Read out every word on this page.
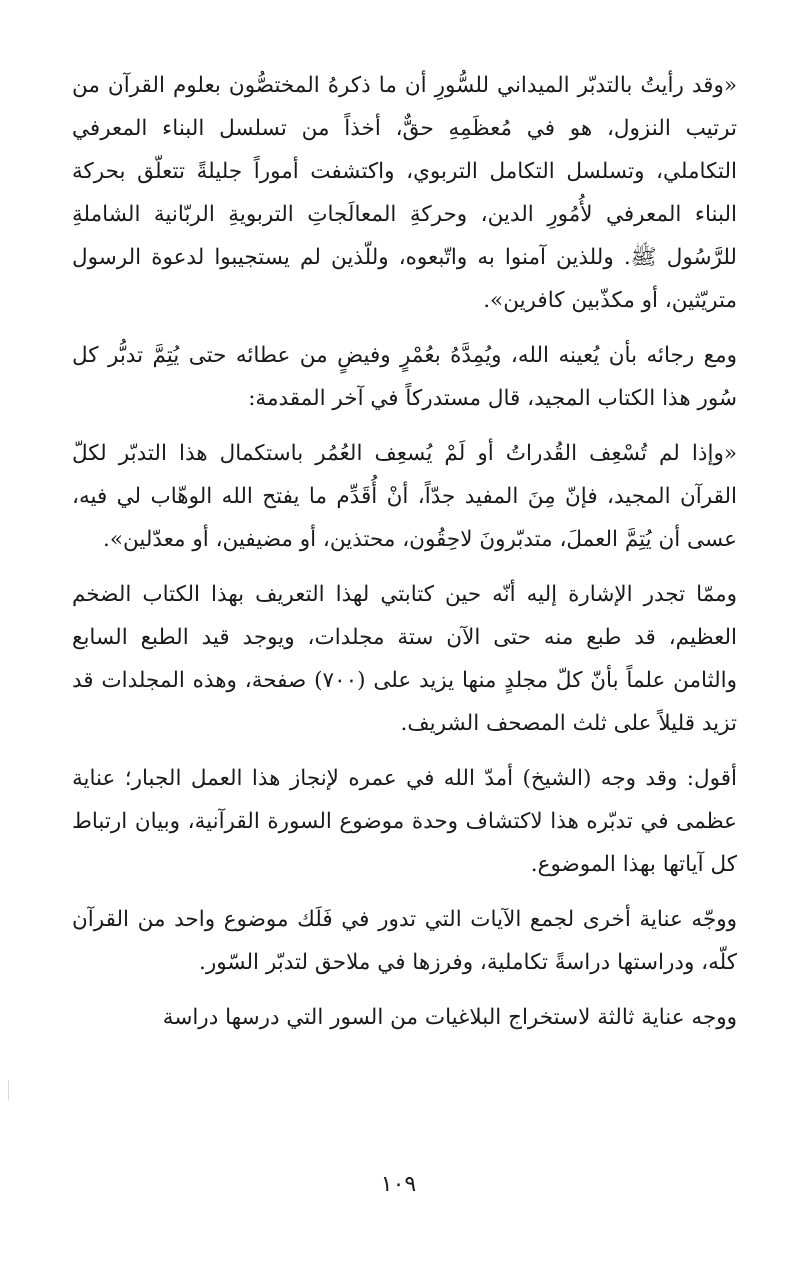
«وقد رأيتُ بالتدبّر الميداني للسُّورِ أن ما ذكرهُ المختصُّون بعلوم القرآن من ترتيب النزول، هو في مُعظَمِهِ حقٌّ، أخذاً من تسلسل البناء المعرفي التكاملي، وتسلسل التكامل التربوي، واكتشفت أموراً جليلةً تتعلّق بحركة البناء المعرفي لأُمُورِ الدين، وحركةِ المعالَجاتِ التربويةِ الربّانية الشاملةِ للرَّسُول ﷺ. وللذين آمنوا به واتّبعوه، وللّذين لم يستجيبوا لدعوة الرسول متريّثين، أو مكذّبين كافرين».

ومع رجائه بأن يُعينه الله، ويُمِدَّهُ بعُمْرٍ وفيضٍ من عطائه حتى يُتِمَّ تدبُّر كل سُور هذا الكتاب المجيد، قال مستدركاً في آخر المقدمة:

«وإذا لم تُسْعِف القُدراتُ أو لَمْ يُسعِف العُمُر باستكمال هذا التدبّر لكلّ القرآن المجيد، فإنّ مِنَ المفيد جدّاً، أنْ أُقَدِّم ما يفتح الله الوهّاب لي فيه، عسى أن يُتِمَّ العملَ، متدبّرونَ لاحِقُون، محتذين، أو مضيفين، أو معدّلين».

وممّا تجدر الإشارة إليه أنّه حين كتابتي لهذا التعريف بهذا الكتاب الضخم العظيم، قد طبع منه حتى الآن ستة مجلدات، ويوجد قيد الطبع السابع والثامن علماً بأنّ كلّ مجلدٍ منها يزيد على (٧٠٠) صفحة، وهذه المجلدات قد تزيد قليلاً على ثلث المصحف الشريف.

أقول: وقد وجه (الشيخ) أمدّ الله في عمره لإنجاز هذا العمل الجبار؛ عناية عظمى في تدبّره هذا لاكتشاف وحدة موضوع السورة القرآنية، وبيان ارتباط كل آياتها بهذا الموضوع.

ووجّه عناية أخرى لجمع الآيات التي تدور في فَلَك موضوع واحد من القرآن كلّه، ودراستها دراسةً تكاملية، وفرزها في ملاحق لتدبّر السّور.

ووجه عناية ثالثة لاستخراج البلاغيات من السور التي درسها دراسة

١٠٩
